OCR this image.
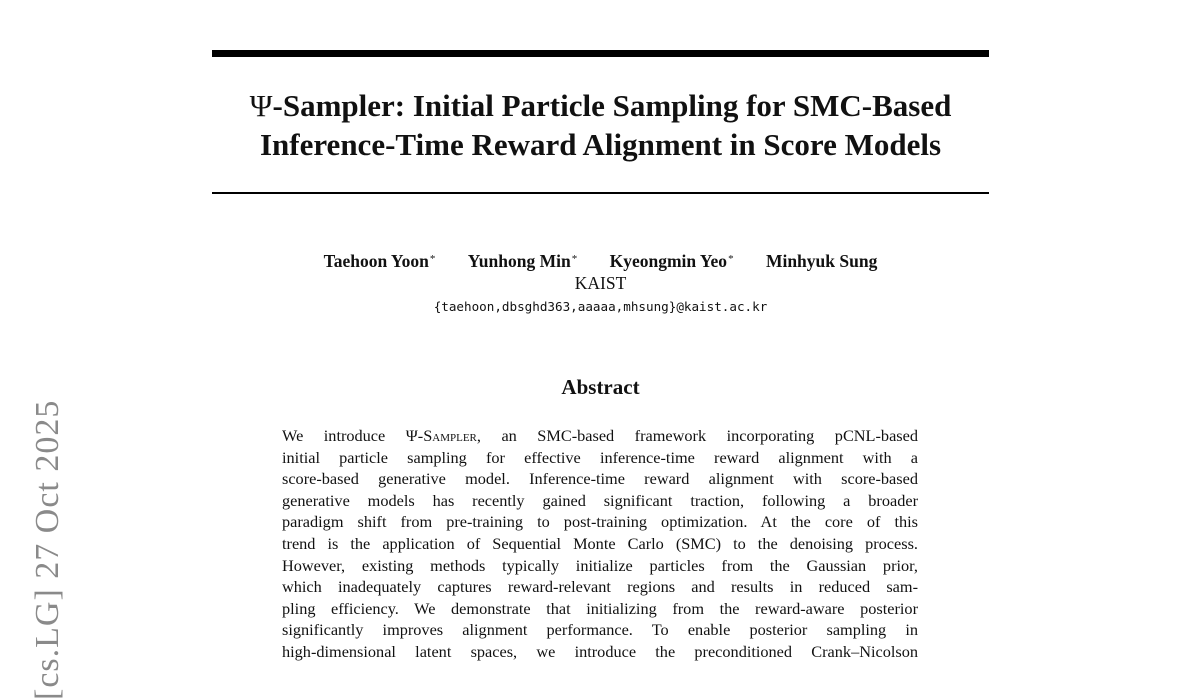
[cs.LG] 27 Oct 2025
Ψ-Sampler: Initial Particle Sampling for SMC-Based
Inference-Time Reward Alignment in Score Models
Taehoon Yoon* Yunhong Min* Kyeongmin Yeo* Minhyuk Sung
KAIST
{taehoon,dbsghd363,aaaaa,mhsung}@kaist.ac.kr
Abstract
We introduce Ψ-Sampler, an SMC-based framework incorporating pCNL-based
initial particle sampling for effective inference-time reward alignment with a
score-based generative model. Inference-time reward alignment with score-based
generative models has recently gained significant traction, following a broader
paradigm shift from pre-training to post-training optimization. At the core of this
trend is the application of Sequential Monte Carlo (SMC) to the denoising process.
However, existing methods typically initialize particles from the Gaussian prior,
which inadequately captures reward-relevant regions and results in reduced sam-
pling efficiency. We demonstrate that initializing from the reward-aware posterior
significantly improves alignment performance. To enable posterior sampling in
high-dimensional latent spaces, we introduce the preconditioned Crank–Nicolson
